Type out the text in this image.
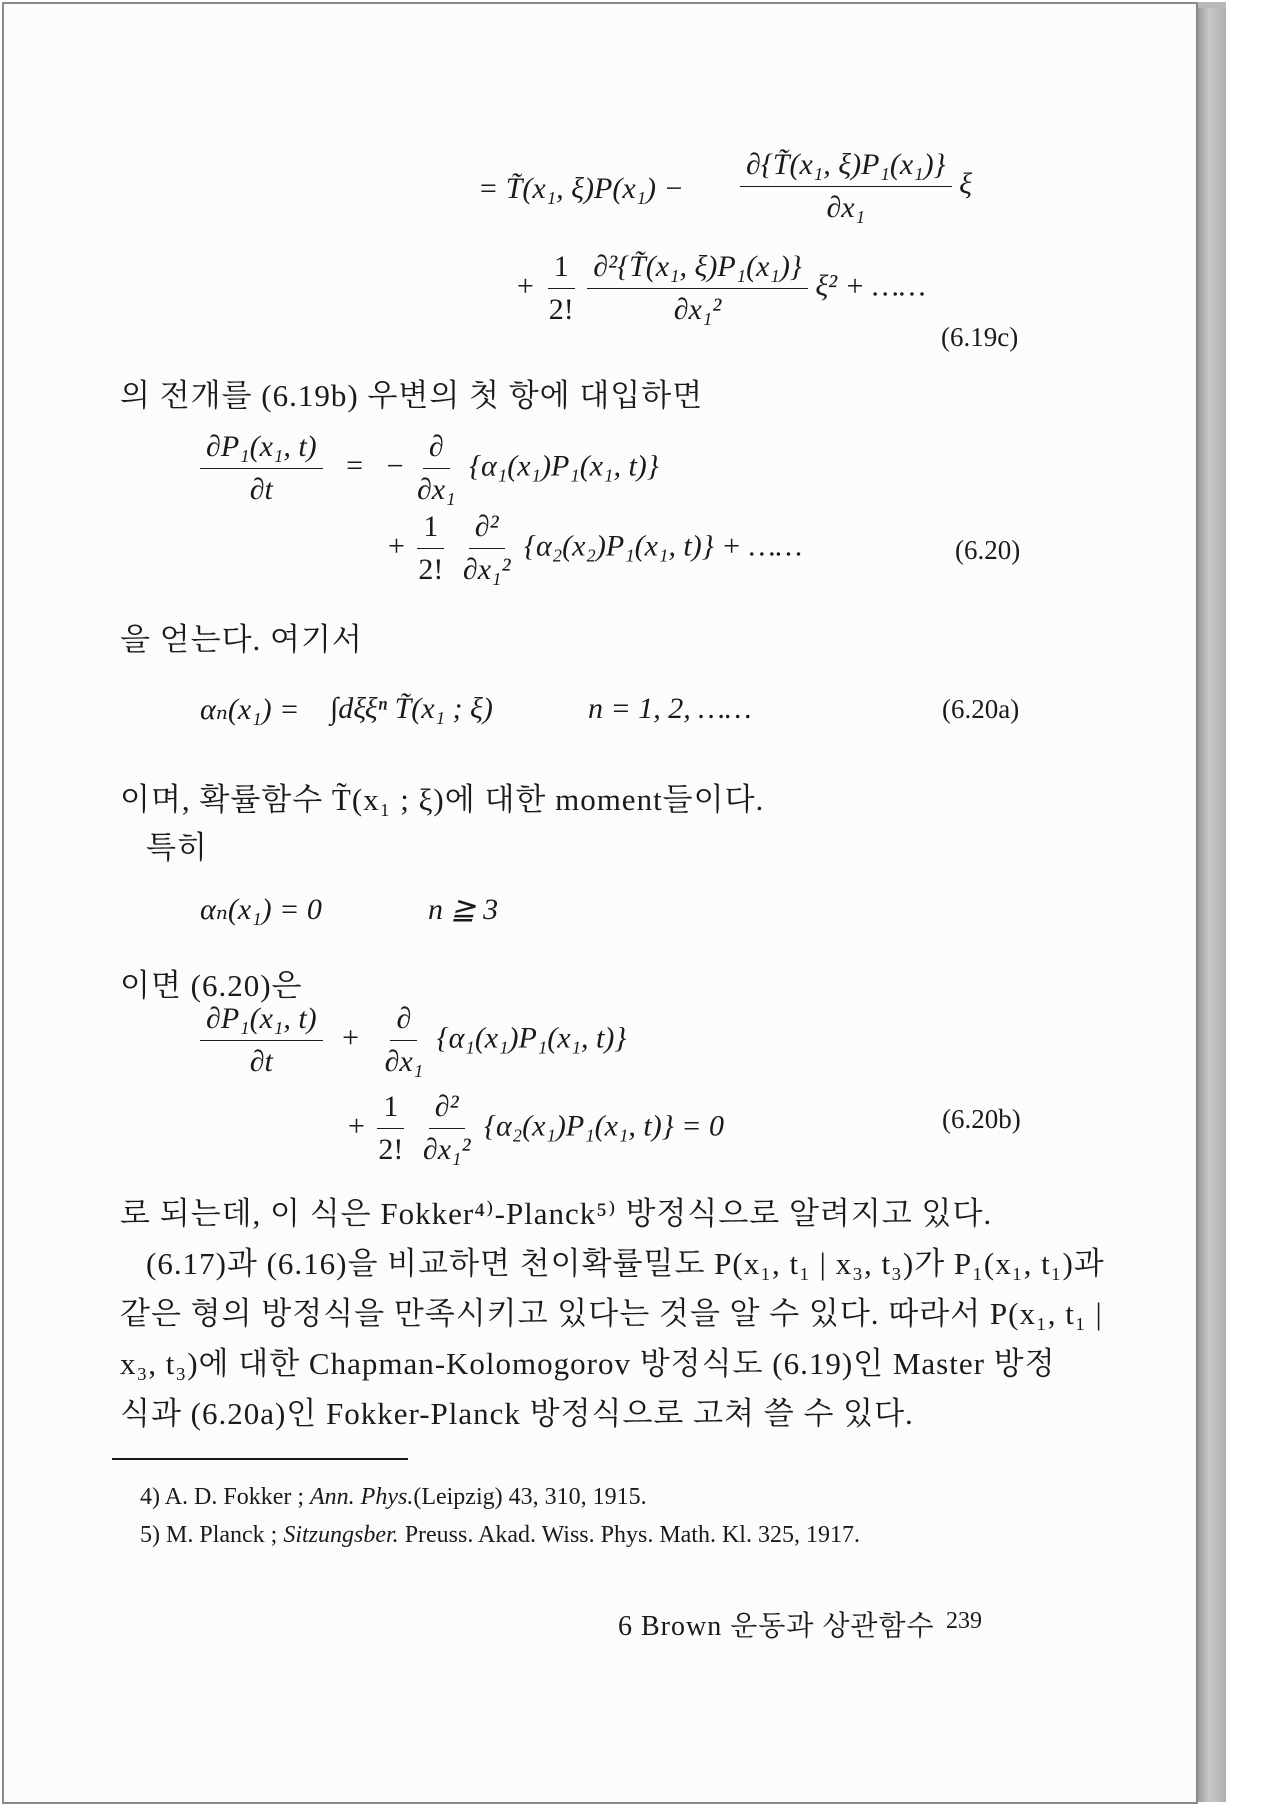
= T̃(x₁, $\xi)P(x_1) - \frac{\text{∂\{T̃(x₁, ξ)P₁(x₁)\}}}{\text{∂x₁}}$ ξ
+ $\frac{1}{2!}$
$\frac{\text{∂²\{T̃(x₁, ξ)P₁(x₁)\}}}{\text{∂x₁²}} \xi^2$ + ……
(6.19c)
의 전개를 (6.19b) 우변의 첫 항에 대입하면
$\frac{\text{∂P₁(x₁, t)}}{\partial t}$ = − $\frac{\partial}{\text{∂x₁}} \{\alpha_1(x_1)P_1(x_1$, t)}
+ $\frac{1}{2!}$
$\frac{\text{∂²}}{\text{∂x₁²}} \{\alpha_2(x_2)P_1(x_1$, t)} + ……	(6.20)
을 얻는다. 여기서
αₙ(x₁) = ∫dξξⁿ T̃(x₁ ; ξ)	n = 1, 2, ……	(6.20a)
이며, 확률함수 T̃(x₁ ; ξ)에 대한 moment들이다.
특히
αₙ(x₁) = 0	n ≧ 3
이면 (6.20)은
$\frac{\text{∂P₁(x₁, t)}}{\partial t} + \frac{\partial}{\text{∂x₁}} \{\alpha_1(x_1)P_1(x_1$, t)}
+ $\frac{1}{2!}$
$\frac{\text{∂²}}{\text{∂x₁²}} \{\alpha_2(x_1)P_1(x_1$, t)} = 0	(6.20b)
로 되는데, 이 식은 Fokker⁴⁾-Planck⁵⁾ 방정식으로 알려지고 있다.
(6.17)과 (6.16)을 비교하면 천이확률밀도 P(x₁, t₁ | x₃, t₃)가 P₁(x₁, t₁)과
같은 형의 방정식을 만족시키고 있다는 것을 알 수 있다. 따라서 P(x₁, t₁ |
x₃, t₃)에 대한 Chapman-Kolomogorov 방정식도 (6.19)인 Master 방정
식과 (6.20a)인 Fokker-Planck 방정식으로 고쳐 쓸 수 있다.
4) A. D. Fokker ; Ann. Phys.(Leipzig) 43, 310, 1915.
5) M. Planck ; Sitzungsber. Preuss. Akad. Wiss. Phys. Math. Kl. 325, 1917.
6 Brown 운동과 상관함수 239
